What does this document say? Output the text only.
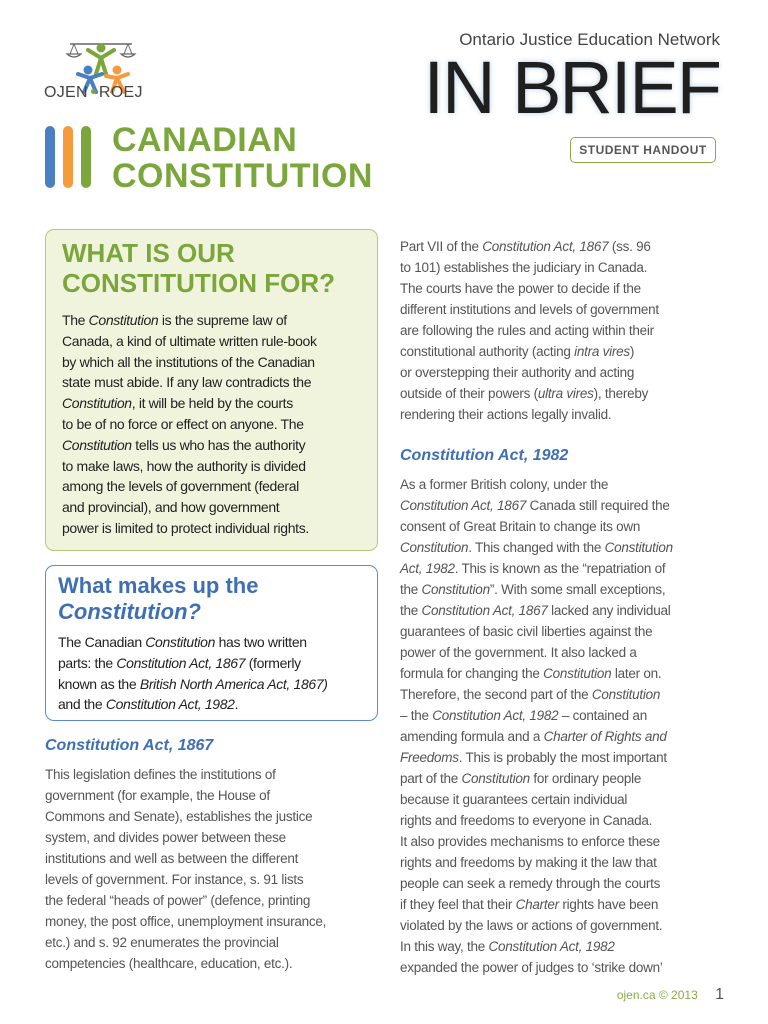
OJEN ROEJ
Ontario Justice Education Network
IN BRIEF
STUDENT HANDOUT
CANADIAN
CONSTITUTION
WHAT IS OUR
CONSTITUTION FOR?

The Constitution is the supreme law of
Canada, a kind of ultimate written rule-book
by which all the institutions of the Canadian
state must abide. If any law contradicts the
Constitution, it will be held by the courts
to be of no force or effect on anyone. The
Constitution tells us who has the authority
to make laws, how the authority is divided
among the levels of government (federal
and provincial), and how government
power is limited to protect individual rights.

What makes up the
Constitution?

The Canadian Constitution has two written
parts: the Constitution Act, 1867 (formerly
known as the British North America Act, 1867)
and the Constitution Act, 1982.

Constitution Act, 1867

This legislation defines the institutions of
government (for example, the House of
Commons and Senate), establishes the justice
system, and divides power between these
institutions and well as between the different
levels of government. For instance, s. 91 lists
the federal “heads of power” (defence, printing
money, the post office, unemployment insurance,
etc.) and s. 92 enumerates the provincial
competencies (healthcare, education, etc.).

Part VII of the Constitution Act, 1867 (ss. 96
to 101) establishes the judiciary in Canada.
The courts have the power to decide if the
different institutions and levels of government
are following the rules and acting within their
constitutional authority (acting intra vires)
or overstepping their authority and acting
outside of their powers (ultra vires), thereby
rendering their actions legally invalid.

Constitution Act, 1982

As a former British colony, under the
Constitution Act, 1867 Canada still required the
consent of Great Britain to change its own
Constitution. This changed with the Constitution
Act, 1982. This is known as the “repatriation of
the Constitution”. With some small exceptions,
the Constitution Act, 1867 lacked any individual
guarantees of basic civil liberties against the
power of the government. It also lacked a
formula for changing the Constitution later on.
Therefore, the second part of the Constitution
– the Constitution Act, 1982 – contained an
amending formula and a Charter of Rights and
Freedoms. This is probably the most important
part of the Constitution for ordinary people
because it guarantees certain individual
rights and freedoms to everyone in Canada.
It also provides mechanisms to enforce these
rights and freedoms by making it the law that
people can seek a remedy through the courts
if they feel that their Charter rights have been
violated by the laws or actions of government.
In this way, the Constitution Act, 1982
expanded the power of judges to ‘strike down’

ojen.ca © 2013 1
